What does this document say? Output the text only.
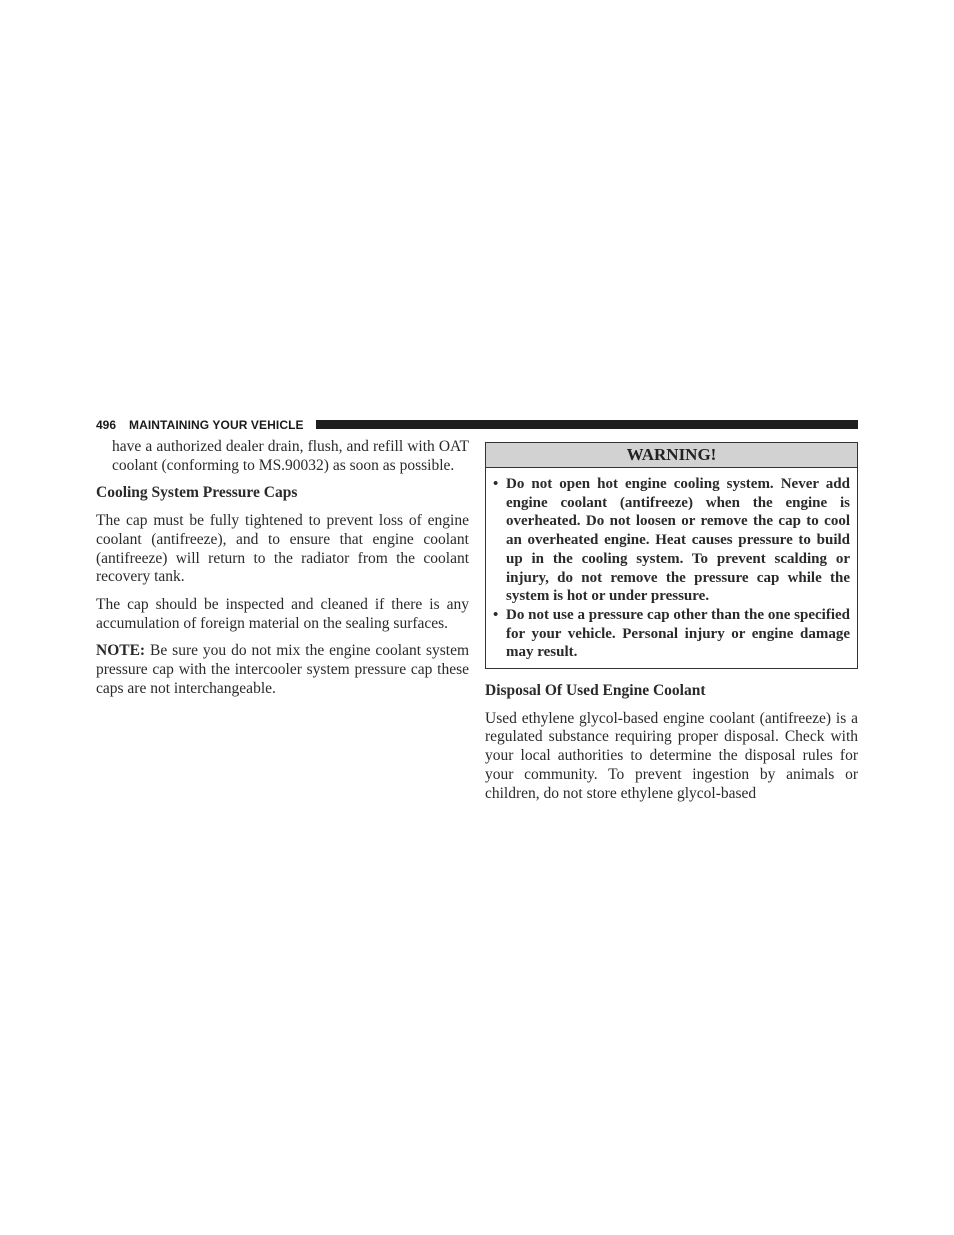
496 MAINTAINING YOUR VEHICLE

have a authorized dealer drain, flush, and refill with OAT coolant (conforming to MS.90032) as soon as possible.

Cooling System Pressure Caps

The cap must be fully tightened to prevent loss of engine coolant (antifreeze), and to ensure that engine coolant (antifreeze) will return to the radiator from the coolant recovery tank.

The cap should be inspected and cleaned if there is any accumulation of foreign material on the sealing surfaces.

NOTE: Be sure you do not mix the engine coolant system pressure cap with the intercooler system pressure cap these caps are not interchangeable.

WARNING!
• Do not open hot engine cooling system. Never add engine coolant (antifreeze) when the engine is overheated. Do not loosen or remove the cap to cool an overheated engine. Heat causes pressure to build up in the cooling system. To prevent scalding or injury, do not remove the pressure cap while the system is hot or under pressure.
• Do not use a pressure cap other than the one specified for your vehicle. Personal injury or engine damage may result.

Disposal Of Used Engine Coolant

Used ethylene glycol-based engine coolant (antifreeze) is a regulated substance requiring proper disposal. Check with your local authorities to determine the disposal rules for your community. To prevent ingestion by animals or children, do not store ethylene glycol-based
